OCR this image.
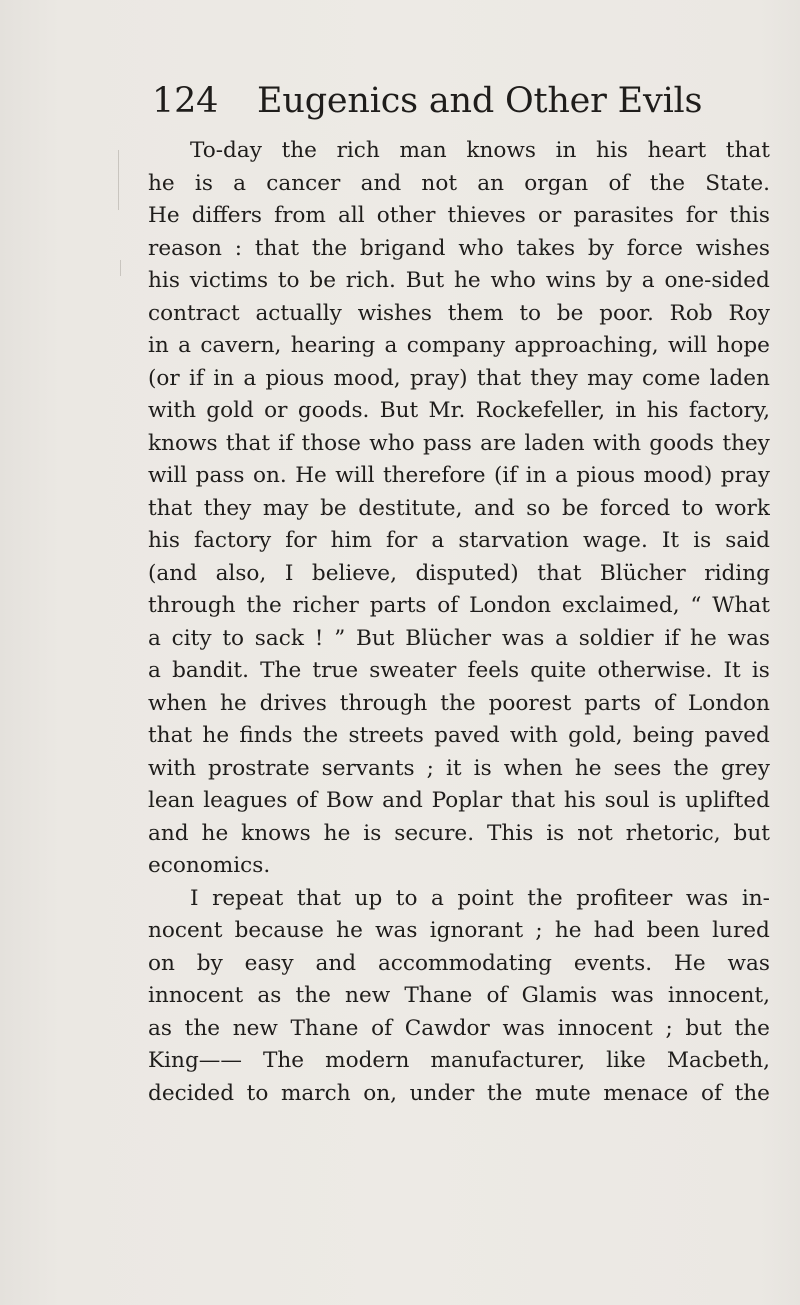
124 Eugenics and Other Evils
To-day the rich man knows in his heart that
he is a cancer and not an organ of the State.
He differs from all other thieves or parasites for this
reason : that the brigand who takes by force wishes
his victims to be rich. But he who wins by a one-sided
contract actually wishes them to be poor. Rob Roy
in a cavern, hearing a company approaching, will hope
(or if in a pious mood, pray) that they may come laden
with gold or goods. But Mr. Rockefeller, in his factory,
knows that if those who pass are laden with goods they
will pass on. He will therefore (if in a pious mood) pray
that they may be destitute, and so be forced to work
his factory for him for a starvation wage. It is said
(and also, I believe, disputed) that Blücher riding
through the richer parts of London exclaimed, “ What
a city to sack ! ” But Blücher was a soldier if he was
a bandit. The true sweater feels quite otherwise. It is
when he drives through the poorest parts of London
that he finds the streets paved with gold, being paved
with prostrate servants ; it is when he sees the grey
lean leagues of Bow and Poplar that his soul is uplifted
and he knows he is secure. This is not rhetoric, but
economics.
I repeat that up to a point the profiteer was in-
nocent because he was ignorant ; he had been lured
on by easy and accommodating events. He was
innocent as the new Thane of Glamis was innocent,
as the new Thane of Cawdor was innocent ; but the
King—— The modern manufacturer, like Macbeth,
decided to march on, under the mute menace of the
